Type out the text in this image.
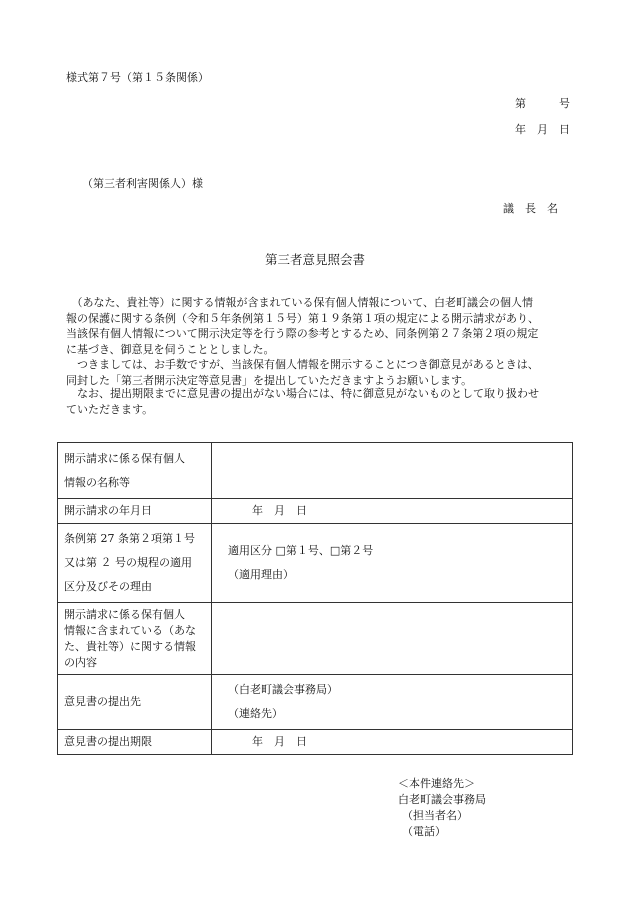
様式第７号（第１５条関係）
第　　　号
年　月　日
（第三者利害関係人）様
議　長　名
第三者意見照会書
　（あなた、貴社等）に関する情報が含まれている保有個人情報について、白老町議会の個人情
報の保護に関する条例（令和５年条例第１５号）第１９条第１項の規定による開示請求があり、
当該保有個人情報について開示決定等を行う際の参考とするため、同条例第２７条第２項の規定
に基づき、御意見を伺うこととしました。
　つきましては、お手数ですが、当該保有個人情報を開示することにつき御意見があるときは、
同封した「第三者開示決定等意見書」を提出していただきますようお願いします。
　なお、提出期限までに意見書の提出がない場合には、特に御意見がないものとして取り扱わせ
ていただきます。
開示請求に係る保有個人
情報の名称等	

開示請求の年月日	年　月　日

条例第 27 条第２項第１号
又は第 ２ 号の規程の適用
区分及びその理由	適用区分 □第１号、□第２号
（適用理由）

開示請求に係る保有個人
情報に含まれている（あな
た、貴社等）に関する情報
の内容	

意見書の提出先	（白老町議会事務局）
（連絡先）

意見書の提出期限	年　月　日
＜本件連絡先＞
白老町議会事務局
（担当者名）
（電話）
